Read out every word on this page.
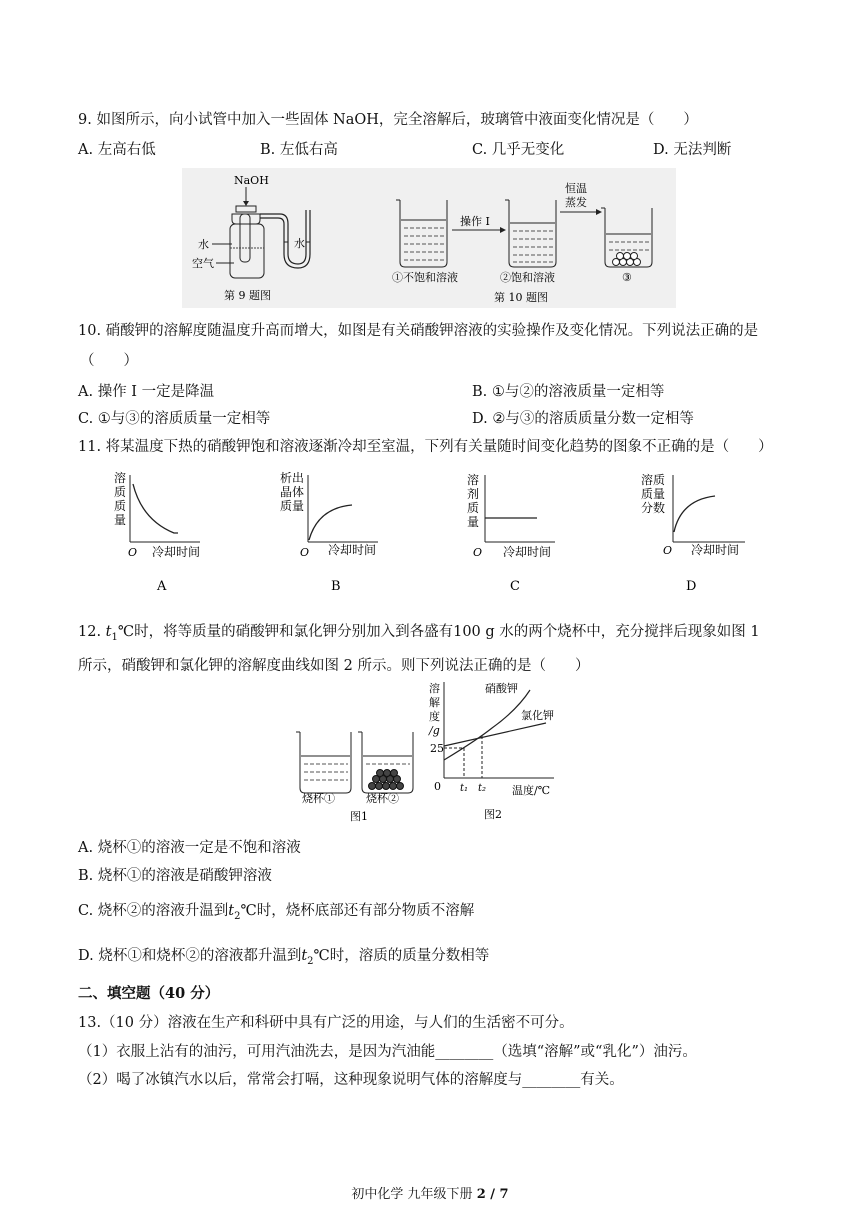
9. 如图所示，向小试管中加入一些固体 NaOH，完全溶解后，玻璃管中液面变化情况是（　　）
A. 左高右低	B. 左低右高	C. 几乎无变化	D. 无法判断
NaOH
水
空气
水
第 9 题图
操作 I
恒温
蒸发
①不饱和溶液	②饱和溶液	③
第 10 题图
10. 硝酸钾的溶解度随温度升高而增大，如图是有关硝酸钾溶液的实验操作及变化情况。下列说法正确的是
（　　）
A. 操作 I 一定是降温	B. ①与②的溶液质量一定相等
C. ①与③的溶质质量一定相等	D. ②与③的溶质质量分数一定相等
11. 将某温度下热的硝酸钾饱和溶液逐渐冷却至室温，下列有关量随时间变化趋势的图象不正确的是（　　）
溶
质
质
量
O 冷却时间
A
析出
晶体
质量
O 冷却时间
B
溶
剂
质
量
O 冷却时间
C
溶质
质量
分数
O 冷却时间
D
12. $t_1℃$时，将等质量的硝酸钾和氯化钾分别加入到各盛有100 g 水的两个烧杯中，充分搅拌后现象如图 1
所示，硝酸钾和氯化钾的溶解度曲线如图 2 所示。则下列说法正确的是（　　）
烧杯①	烧杯②
图1
溶
解
度
/g
25
0 t₁ t₂ 温度/℃
硝酸钾
氯化钾
图2
A. 烧杯①的溶液一定是不饱和溶液
B. 烧杯①的溶液是硝酸钾溶液
C. 烧杯②的溶液升温到$t_2℃$时，烧杯底部还有部分物质不溶解
D. 烧杯①和烧杯②的溶液都升温到$t_2℃$时，溶质的质量分数相等
二、填空题（40 分）
13.（10 分）溶液在生产和科研中具有广泛的用途，与人们的生活密不可分。
（1）衣服上沾有的油污，可用汽油洗去，是因为汽油能________（选填“溶解”或“乳化”）油污。
（2）喝了冰镇汽水以后，常常会打嗝，这种现象说明气体的溶解度与________有关。
初中化学 九年级下册 2 / 7
